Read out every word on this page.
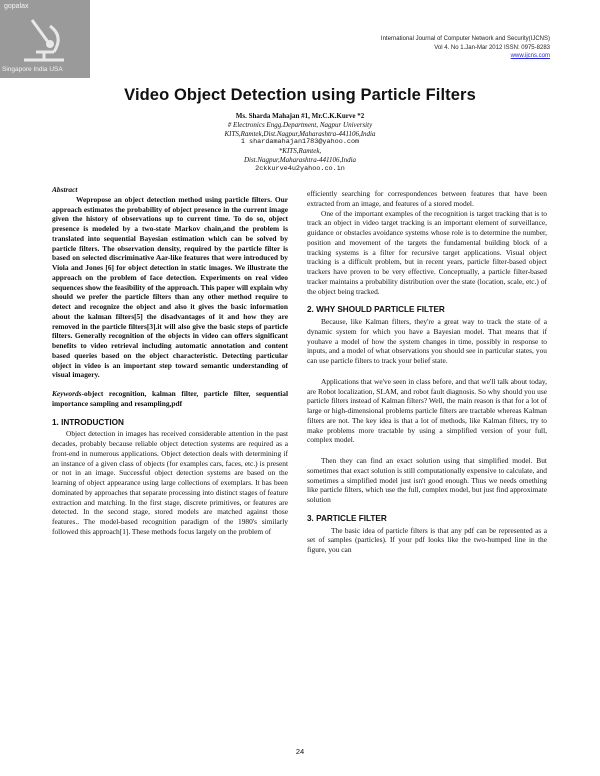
gopalax
Singapore India USA
International Journal of Computer Network and Security(IJCNS)
Vol 4. No 1.Jan-Mar 2012 ISSN: 0975-8283
www.ijcns.com
Video Object Detection using Particle Filters
Ms. Sharda Mahajan #1, Mr.C.K.Kurve *2
# Electronics Engg.Department, Nagpur University
KITS,Ramtek,Dist.Nagpur,Maharashtra-441106,India
1 shardamahajan1783@yahoo.com
*KITS,Ramtek,
Dist.Nagpur,Maharashtra-441106,India
2ckkurve4u2yahoo.co.in

Abstract
Wepropose an object detection method using particle filters. Our approach estimates the probability of object presence in the current image given the history of observations up to current time. To do so, object presence is modeled by a two-state Markov chain,and the problem is translated into sequential Bayesian estimation which can be solved by particle filters. The observation density, required by the particle filter is based on selected discriminative Aar-like features that were introduced by Viola and Jones [6] for object detection in static images. We illustrate the approach on the problem of face detection. Experiments on real video sequences show the feasibility of the approach. This paper will explain why should we prefer the particle filters than any other method require to detect and recognize the object and also it gives the basic information about the kalman filters[5] the disadvantages of it and how they are removed in the particle filters[3].it will also give the basic steps of particle filters. Generally recognition of the objects in video can offers significant benefits to video retrieval including automatic annotation and content based queries based on the object characteristic. Detecting particular object in video is an important step toward semantic understanding of visual imagery.

Keywords-object recognition, kalman filter, particle filter, sequential importance sampling and resampling,pdf

1. INTRODUCTION

Object detection in images has received considerable attention in the past decades, probably because reliable object detection systems are required as a front-end in numerous applications. Object detection deals with determining if an instance of a given class of objects (for examples cars, faces, etc.) is present or not in an image. Successful object detection systems are based on the learning of object appearance using large collections of exemplars. It has been dominated by approaches that separate processing into distinct stages of feature extraction and matching. In the first stage, discrete primitives, or features are detected. In the second stage, stored models are matched against those features.. The model-based recognition paradigm of the 1980's similarly followed this approach[1]. These methods focus largely on the problem of

efficiently searching for correspondences between features that have been extracted from an image, and features of a stored model.

One of the important examples of the recognition is target tracking that is to track an object in video target tracking is an important element of surveillance, guidance or obstacles avoidance systems whose role is to determine the number, position and movement of the targets the fundamental building block of a tracking systems is a filter for recursive target applications. Visual object tracking is a difficult problem, but in recent years, particle filter-based object trackers have proven to be very effective. Conceptually, a particle filter-based tracker maintains a probability distribution over the state (location, scale, etc.) of the object being tracked.

2. WHY SHOULD PARTICLE FILTER

Because, like Kalman filters, they're a great way to track the state of a dynamic system for which you have a Bayesian model. That means that if youhave a model of how the system changes in time, possibly in response to inputs, and a model of what observations you should see in particular states, you can use particle filters to track your belief state.

Applications that we've seen in class before, and that we'll talk about today, are Robot localization, SLAM, and robot fault diagnosis. So why should you use particle filters instead of Kalman filters? Well, the main reason is that for a lot of large or high-dimensional problems particle filters are tractable whereas Kalman filters are not. The key idea is that a lot of methods, like Kalman filters, try to make problems more tractable by using a simplified version of your full, complex model.

Then they can find an exact solution using that simplified model. But sometimes that exact solution is still computationally expensive to calculate, and sometimes a simplified model just isn't good enough. Thus we needs omething like particle filters, which use the full, complex model, but just find approximate solution

3. PARTICLE FILTER

The basic idea of particle filters is that any pdf can be represented as a set of samples (particles). If your pdf looks like the two-humped line in the figure, you can

24
